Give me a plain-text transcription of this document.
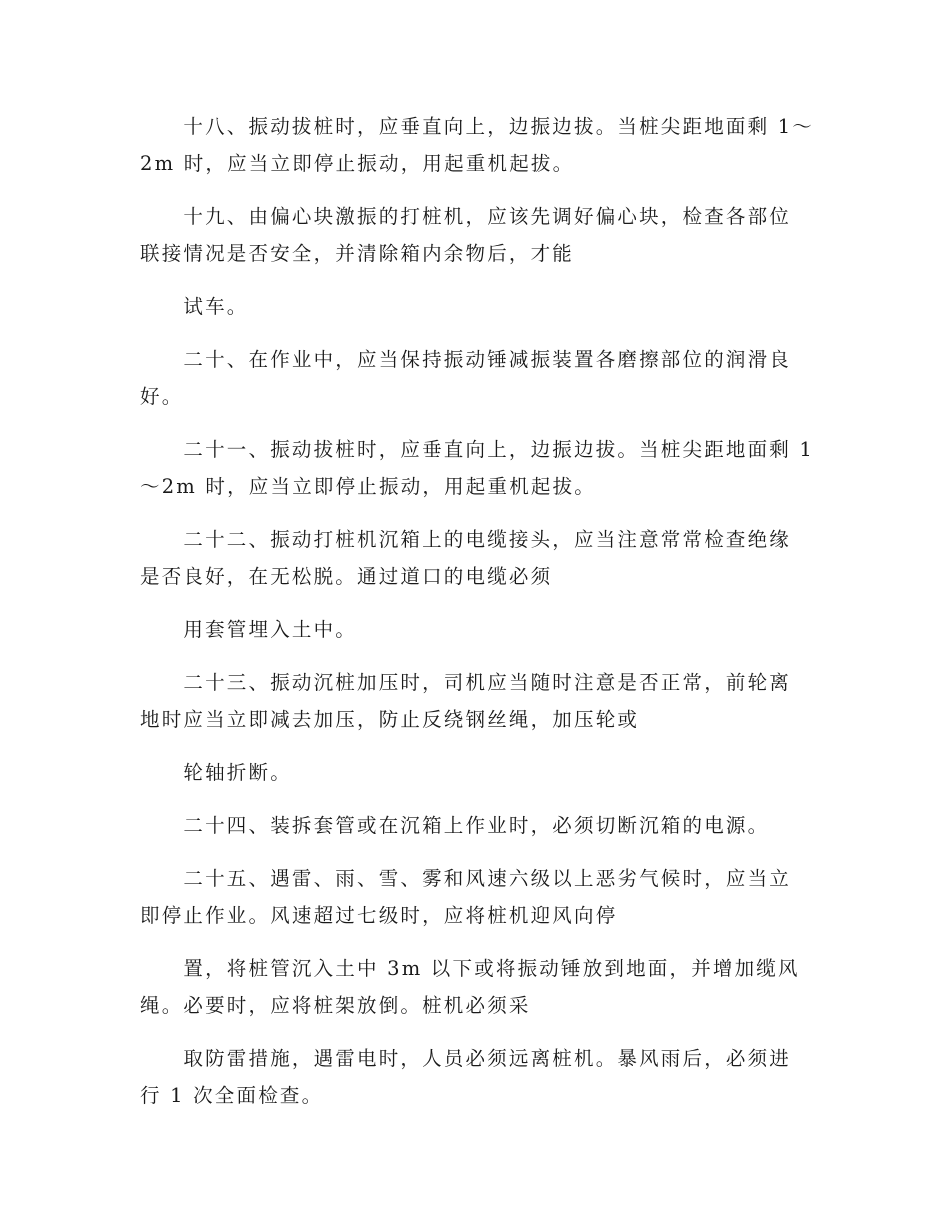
　　十八、振动拔桩时，应垂直向上，边振边拔。当桩尖距地面剩 1～
2m 时，应当立即停止振动，用起重机起拔。
　　十九、由偏心块激振的打桩机，应该先调好偏心块，检查各部位
联接情况是否安全，并清除箱内余物后，才能
　　试车。
　　二十、在作业中，应当保持振动锤减振装置各磨擦部位的润滑良
好。
　　二十一、振动拔桩时，应垂直向上，边振边拔。当桩尖距地面剩 1
～2m 时，应当立即停止振动，用起重机起拔。
　　二十二、振动打桩机沉箱上的电缆接头，应当注意常常检查绝缘
是否良好，在无松脱。通过道口的电缆必须
　　用套管埋入土中。
　　二十三、振动沉桩加压时，司机应当随时注意是否正常，前轮离
地时应当立即减去加压，防止反绕钢丝绳，加压轮或
　　轮轴折断。
　　二十四、装拆套管或在沉箱上作业时，必须切断沉箱的电源。
　　二十五、遇雷、雨、雪、雾和风速六级以上恶劣气候时，应当立
即停止作业。风速超过七级时，应将桩机迎风向停
　　置，将桩管沉入土中 3m 以下或将振动锤放到地面，并增加缆风
绳。必要时，应将桩架放倒。桩机必须采
　　取防雷措施，遇雷电时，人员必须远离桩机。暴风雨后，必须进
行 1 次全面检查。
